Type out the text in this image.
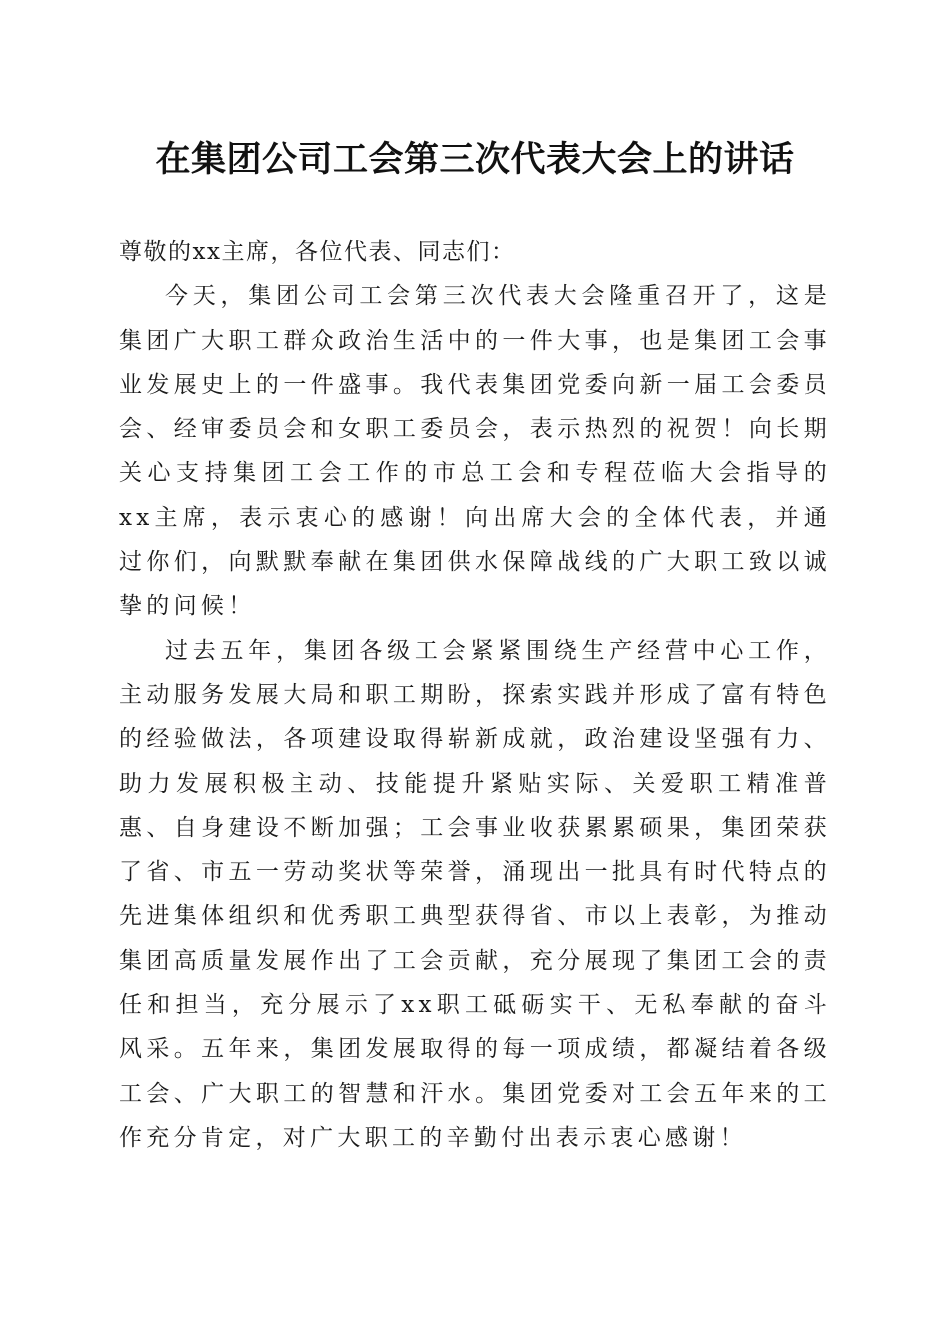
在集团公司工会第三次代表大会上的讲话

尊敬的xx主席，各位代表、同志们：

今天，集团公司工会第三次代表大会隆重召开了，这是集团广大职工群众政治生活中的一件大事，也是集团工会事业发展史上的一件盛事。我代表集团党委向新一届工会委员会、经审委员会和女职工委员会，表示热烈的祝贺！向长期关心支持集团工会工作的市总工会和专程莅临大会指导的xx主席，表示衷心的感谢！向出席大会的全体代表，并通过你们，向默默奉献在集团供水保障战线的广大职工致以诚挚的问候！

过去五年，集团各级工会紧紧围绕生产经营中心工作，主动服务发展大局和职工期盼，探索实践并形成了富有特色的经验做法，各项建设取得崭新成就，政治建设坚强有力、助力发展积极主动、技能提升紧贴实际、关爱职工精准普惠、自身建设不断加强；工会事业收获累累硕果，集团荣获了省、市五一劳动奖状等荣誉，涌现出一批具有时代特点的先进集体组织和优秀职工典型获得省、市以上表彰，为推动集团高质量发展作出了工会贡献，充分展现了集团工会的责任和担当，充分展示了xx职工砥砺实干、无私奉献的奋斗风采。五年来，集团发展取得的每一项成绩，都凝结着各级工会、广大职工的智慧和汗水。集团党委对工会五年来的工作充分肯定，对广大职工的辛勤付出表示衷心感谢！
